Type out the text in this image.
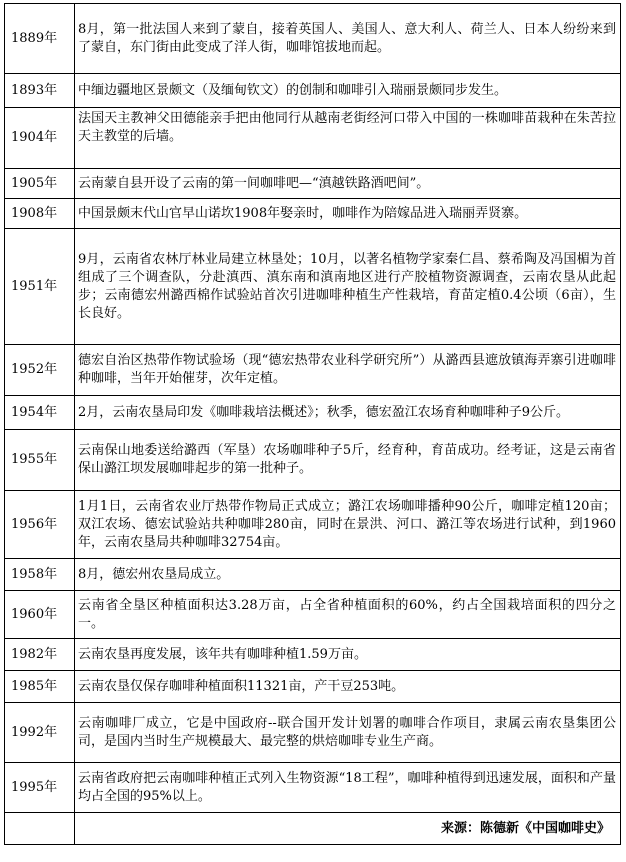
1889年	8月，第一批法国人来到了蒙自，接着英国人、美国人、意大利人、荷兰人、日本人纷纷来到了蒙自，东门街由此变成了洋人街，咖啡馆拔地而起。
1893年	中缅边疆地区景颇文（及缅甸钦文）的创制和咖啡引入瑞丽景颇同步发生。
1904年	法国天主教神父田德能亲手把由他同行从越南老街经河口带入中国的一株咖啡苗栽种在朱苦拉天主教堂的后墙。
1905年	云南蒙自县开设了云南的第一间咖啡吧—“滇越铁路酒吧间”。
1908年	中国景颇末代山官早山诺坎1908年娶亲时，咖啡作为陪嫁品进入瑞丽弄贤寨。
1951年	9月，云南省农林厅林业局建立林垦处；10月，以著名植物学家秦仁昌、蔡希陶及冯国楣为首组成了三个调查队，分赴滇西、滇东南和滇南地区进行产胶植物资源调查，云南农垦从此起步；云南德宏州潞西棉作试验站首次引进咖啡种植生产性栽培，育苗定植0.4公顷（6亩），生长良好。
1952年	德宏自治区热带作物试验场（现“德宏热带农业科学研究所”）从潞西县遮放镇海弄寨引进咖啡种咖啡，当年开始催芽，次年定植。
1954年	2月，云南农垦局印发《咖啡栽培法概述》；秋季，德宏盈江农场育种咖啡种子9公斤。
1955年	云南保山地委送给潞西（军垦）农场咖啡种子5斤，经育种，育苗成功。经考证，这是云南省保山潞江坝发展咖啡起步的第一批种子。
1956年	1月1日，云南省农业厅热带作物局正式成立；潞江农场咖啡播种90公斤，咖啡定植120亩；双江农场、德宏试验站共种咖啡280亩，同时在景洪、河口、潞江等农场进行试种，到1960年，云南农垦局共种咖啡32754亩。
1958年	8月，德宏州农垦局成立。
1960年	云南省全垦区种植面积达3.28万亩，占全省种植面积的60%，约占全国栽培面积的四分之一。
1982年	云南农垦再度发展，该年共有咖啡种植1.59万亩。
1985年	云南农垦仅保存咖啡种植面积11321亩，产干豆253吨。
1992年	云南咖啡厂成立，它是中国政府--联合国开发计划署的咖啡合作项目，隶属云南农垦集团公司，是国内当时生产规模最大、最完整的烘焙咖啡专业生产商。
1995年	云南省政府把云南咖啡种植正式列入生物资源“18工程”，咖啡种植得到迅速发展，面积和产量均占全国的95%以上。
	来源：陈德新《中国咖啡史》
